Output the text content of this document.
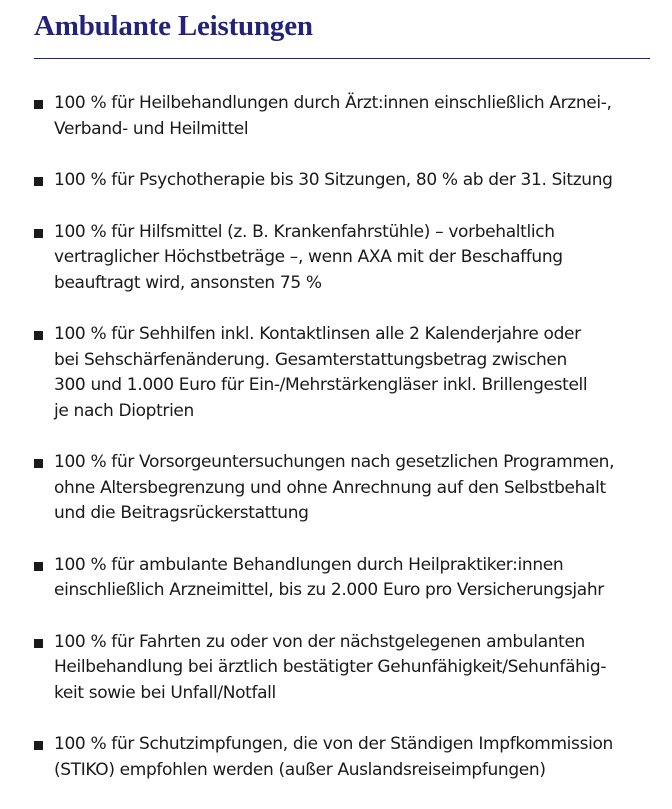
Ambulante Leistungen
100 % für Heilbehandlungen durch Ärzt:innen einschließlich Arznei-,
Verband- und Heilmittel
100 % für Psychotherapie bis 30 Sitzungen, 80 % ab der 31. Sitzung
100 % für Hilfsmittel (z. B. Krankenfahrstühle) – vorbehaltlich
vertraglicher Höchstbeträge –, wenn AXA mit der Beschaffung
beauftragt wird, ansonsten 75 %
100 % für Sehhilfen inkl. Kontaktlinsen alle 2 Kalenderjahre oder
bei Sehschärfenänderung. Gesamterstattungsbetrag zwischen
300 und 1.000 Euro für Ein-/Mehrstärkengläser inkl. Brillengestell
je nach Dioptrien
100 % für Vorsorgeuntersuchungen nach gesetzlichen Programmen,
ohne Altersbegrenzung und ohne Anrechnung auf den Selbstbehalt
und die Beitragsrückerstattung
100 % für ambulante Behandlungen durch Heilpraktiker:innen
einschließlich Arzneimittel, bis zu 2.000 Euro pro Versicherungsjahr
100 % für Fahrten zu oder von der nächstgelegenen ambulanten
Heilbehandlung bei ärztlich bestätigter Gehunfähigkeit/Sehunfähig-
keit sowie bei Unfall/Notfall
100 % für Schutzimpfungen, die von der Ständigen Impfkommission
(STIKO) empfohlen werden (außer Auslandsreiseimpfungen)
